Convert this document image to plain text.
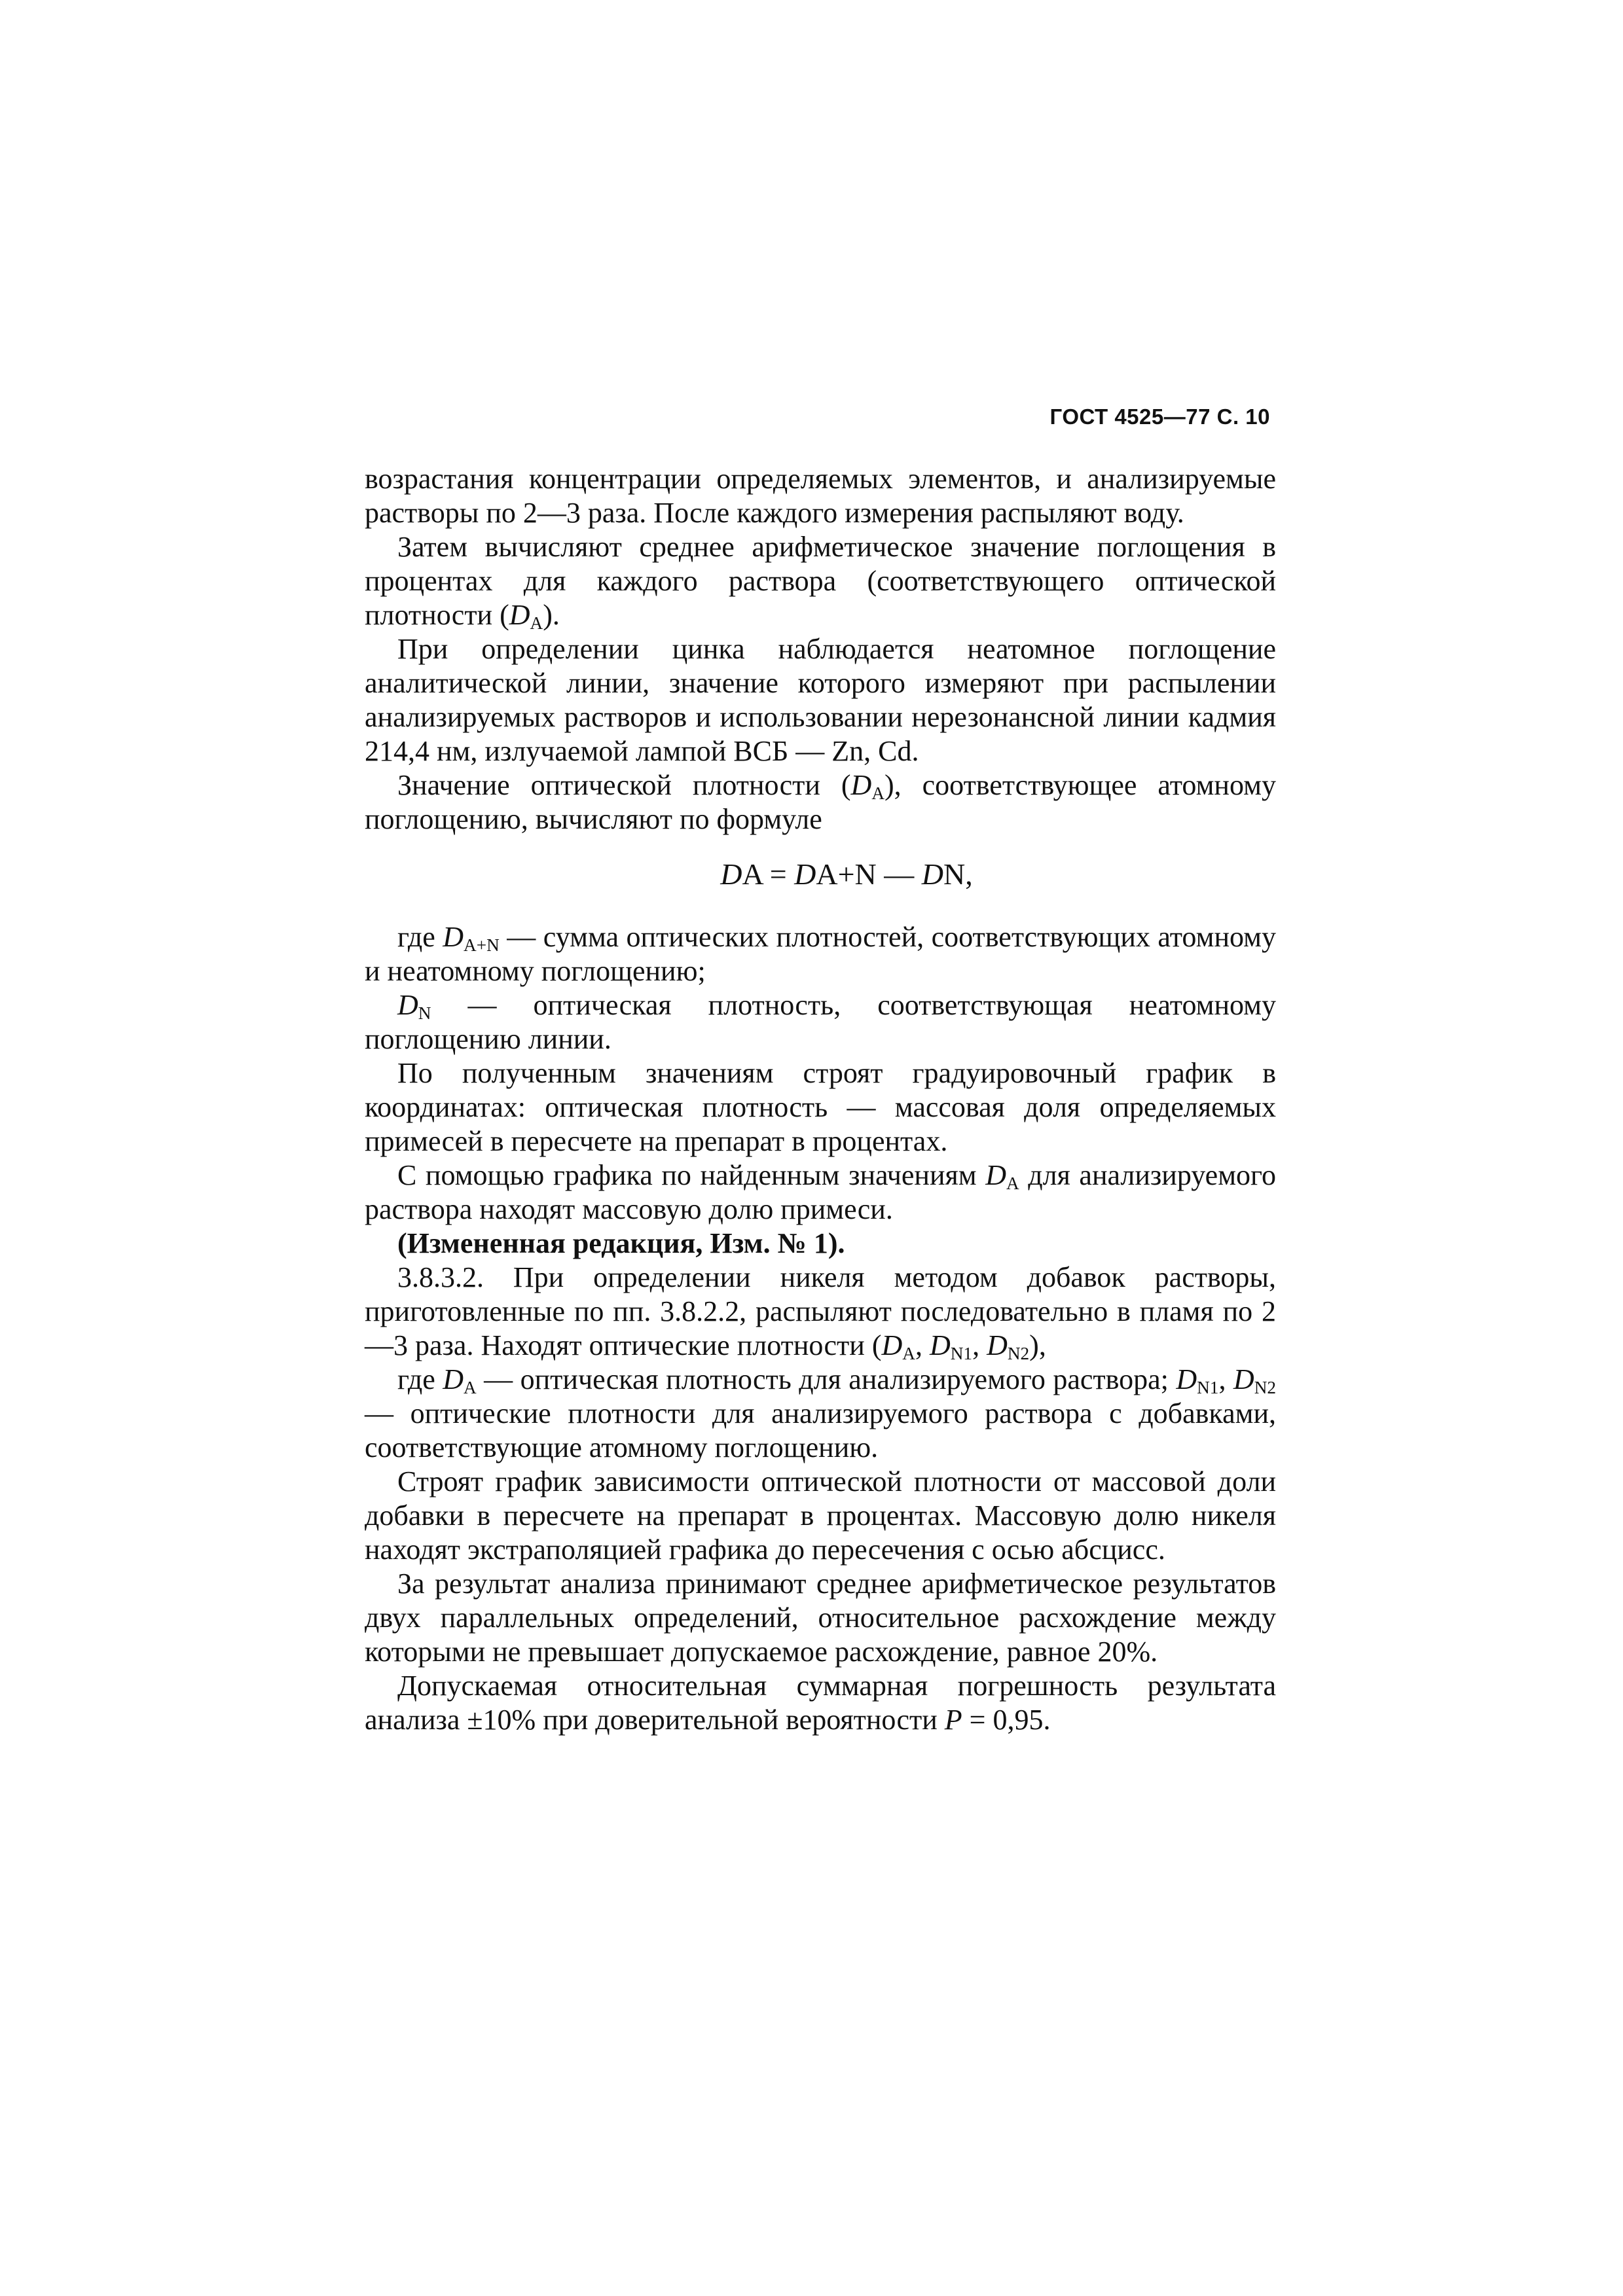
ГОСТ 4525—77 С. 10

возрастания концентрации определяемых элементов, и анализируемые растворы по 2—3 раза. После каждого измерения распыляют воду.

Затем вычисляют среднее арифметическое значение поглощения в процентах для каждого раствора (соответствующего оптической плотности $(D_A)$.

При определении цинка наблюдается неатомное поглощение аналитической линии, значение которого измеряют при распылении анализируемых растворов и использовании нерезонансной линии кадмия 214,4 нм, излучаемой лампой ВСБ — Zn, Cd.

Значение оптической плотности $(D_A)$, соответствующее атомному поглощению, вычисляют по формуле

DA = DA+N — DN,

где $D_{A+N}$ — сумма оптических плотностей, соответствующих атомному и неатомному поглощению;

$D_N$ — оптическая плотность, соответствующая неатомному поглощению линии.

По полученным значениям строят градуировочный график в координатах: оптическая плотность — массовая доля определяемых примесей в пересчете на препарат в процентах.

С помощью графика по найденным значениям $D_A$ для анализируемого раствора находят массовую долю примеси.

(Измененная редакция, Изм. № 1).

3.8.3.2. При определении никеля методом добавок растворы, приготовленные по пп. 3.8.2.2, распыляют последовательно в пламя по 2—3 раза. Находят оптические плотности ($D_A$, $D_{N1}$, $D_{N2}$),

где $D_A$ — оптическая плотность для анализируемого раствора; $D_{N1}$, $D_{N2}$ — оптические плотности для анализируемого раствора с добавками, соответствующие атомному поглощению.

Строят график зависимости оптической плотности от массовой доли добавки в пересчете на препарат в процентах. Массовую долю никеля находят экстраполяцией графика до пересечения с осью абсцисс.

За результат анализа принимают среднее арифметическое результатов двух параллельных определений, относительное расхождение между которыми не превышает допускаемое расхождение, равное 20%.

Допускаемая относительная суммарная погрешность результата анализа ±10% при доверительной вероятности P = 0,95.
